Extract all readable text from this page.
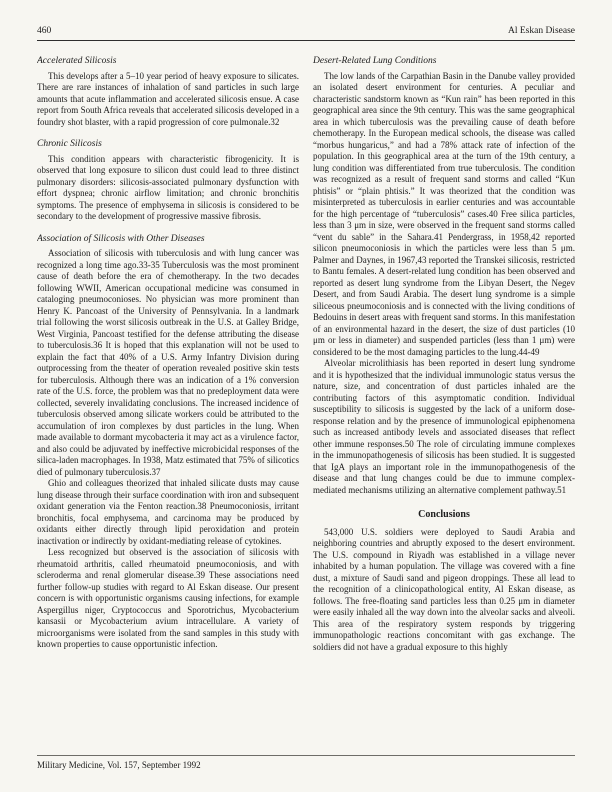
460	Al Eskan Disease
Accelerated Silicosis

This develops after a 5–10 year period of heavy exposure to silicates. There are rare instances of inhalation of sand particles in such large amounts that acute inflammation and accelerated silicosis ensue. A case report from South Africa reveals that accelerated silicosis developed in a foundry shot blaster, with a rapid progression of core pulmonale.32

Chronic Silicosis

This condition appears with characteristic fibrogenicity. It is observed that long exposure to silicon dust could lead to three distinct pulmonary disorders: silicosis-associated pulmonary dysfunction with effort dyspnea; chronic airflow limitation; and chronic bronchitis symptoms. The presence of emphysema in silicosis is considered to be secondary to the development of progressive massive fibrosis.

Association of Silicosis with Other Diseases

Association of silicosis with tuberculosis and with lung cancer was recognized a long time ago.33-35 Tuberculosis was the most prominent cause of death before the era of chemotherapy. In the two decades following WWII, American occupational medicine was consumed in cataloging pneumoconioses. No physician was more prominent than Henry K. Pancoast of the University of Pennsylvania. In a landmark trial following the worst silicosis outbreak in the U.S. at Galley Bridge, West Virginia, Pancoast testified for the defense attributing the disease to tuberculosis.36 It is hoped that this explanation will not be used to explain the fact that 40% of a U.S. Army Infantry Division during outprocessing from the theater of operation revealed positive skin tests for tuberculosis. Although there was an indication of a 1% conversion rate of the U.S. force, the problem was that no predeployment data were collected, severely invalidating conclusions. The increased incidence of tuberculosis observed among silicate workers could be attributed to the accumulation of iron complexes by dust particles in the lung. When made available to dormant mycobacteria it may act as a virulence factor, and also could be adjuvated by ineffective microbicidal responses of the silica-laden macrophages. In 1938, Matz estimated that 75% of silicotics died of pulmonary tuberculosis.37

Ghio and colleagues theorized that inhaled silicate dusts may cause lung disease through their surface coordination with iron and subsequent oxidant generation via the Fenton reaction.38 Pneumoconiosis, irritant bronchitis, focal emphysema, and carcinoma may be produced by oxidants either directly through lipid peroxidation and protein inactivation or indirectly by oxidant-mediating release of cytokines.

Less recognized but observed is the association of silicosis with rheumatoid arthritis, called rheumatoid pneumoconiosis, and with scleroderma and renal glomerular disease.39 These associations need further follow-up studies with regard to Al Eskan disease. Our present concern is with opportunistic organisms causing infections, for example Aspergillus niger, Cryptococcus and Sporotrichus, Mycobacterium kansasii or Mycobacterium avium intracellulare. A variety of microorganisms were isolated from the sand samples in this study with known properties to cause opportunistic infection.

Desert-Related Lung Conditions

The low lands of the Carpathian Basin in the Danube valley provided an isolated desert environment for centuries. A peculiar and characteristic sandstorm known as “Kun rain” has been reported in this geographical area since the 9th century. This was the same geographical area in which tuberculosis was the prevailing cause of death before chemotherapy. In the European medical schools, the disease was called “morbus hungaricus,” and had a 78% attack rate of infection of the population. In this geographical area at the turn of the 19th century, a lung condition was differentiated from true tuberculosis. The condition was recognized as a result of frequent sand storms and called “Kun phtisis” or “plain phtisis.” It was theorized that the condition was misinterpreted as tuberculosis in earlier centuries and was accountable for the high percentage of “tuberculosis” cases.40 Free silica particles, less than 3 μm in size, were observed in the frequent sand storms called “vent du sable” in the Sahara.41 Pendergrass, in 1958,42 reported silicon pneumoconiosis in which the particles were less than 5 μm. Palmer and Daynes, in 1967,43 reported the Transkei silicosis, restricted to Bantu females. A desert-related lung condition has been observed and reported as desert lung syndrome from the Libyan Desert, the Negev Desert, and from Saudi Arabia. The desert lung syndrome is a simple siliceous pneumoconiosis and is connected with the living conditions of Bedouins in desert areas with frequent sand storms. In this manifestation of an environmental hazard in the desert, the size of dust particles (10 μm or less in diameter) and suspended particles (less than 1 μm) were considered to be the most damaging particles to the lung.44-49

Alveolar microlithiasis has been reported in desert lung syndrome and it is hypothesized that the individual immunologic status versus the nature, size, and concentration of dust particles inhaled are the contributing factors of this asymptomatic condition. Individual susceptibility to silicosis is suggested by the lack of a uniform dose-response relation and by the presence of immunological epiphenomena such as increased antibody levels and associated diseases that reflect other immune responses.50 The role of circulating immune complexes in the immunopathogenesis of silicosis has been studied. It is suggested that IgA plays an important role in the immunopathogenesis of the disease and that lung changes could be due to immune complex-mediated mechanisms utilizing an alternative complement pathway.51

Conclusions

543,000 U.S. soldiers were deployed to Saudi Arabia and neighboring countries and abruptly exposed to the desert environment. The U.S. compound in Riyadh was established in a village never inhabited by a human population. The village was covered with a fine dust, a mixture of Saudi sand and pigeon droppings. These all lead to the recognition of a clinicopathological entity, Al Eskan disease, as follows. The free-floating sand particles less than 0.25 μm in diameter were easily inhaled all the way down into the alveolar sacks and alveoli. This area of the respiratory system responds by triggering immunopathologic reactions concomitant with gas exchange. The soldiers did not have a gradual exposure to this highly

Military Medicine, Vol. 157, September 1992
